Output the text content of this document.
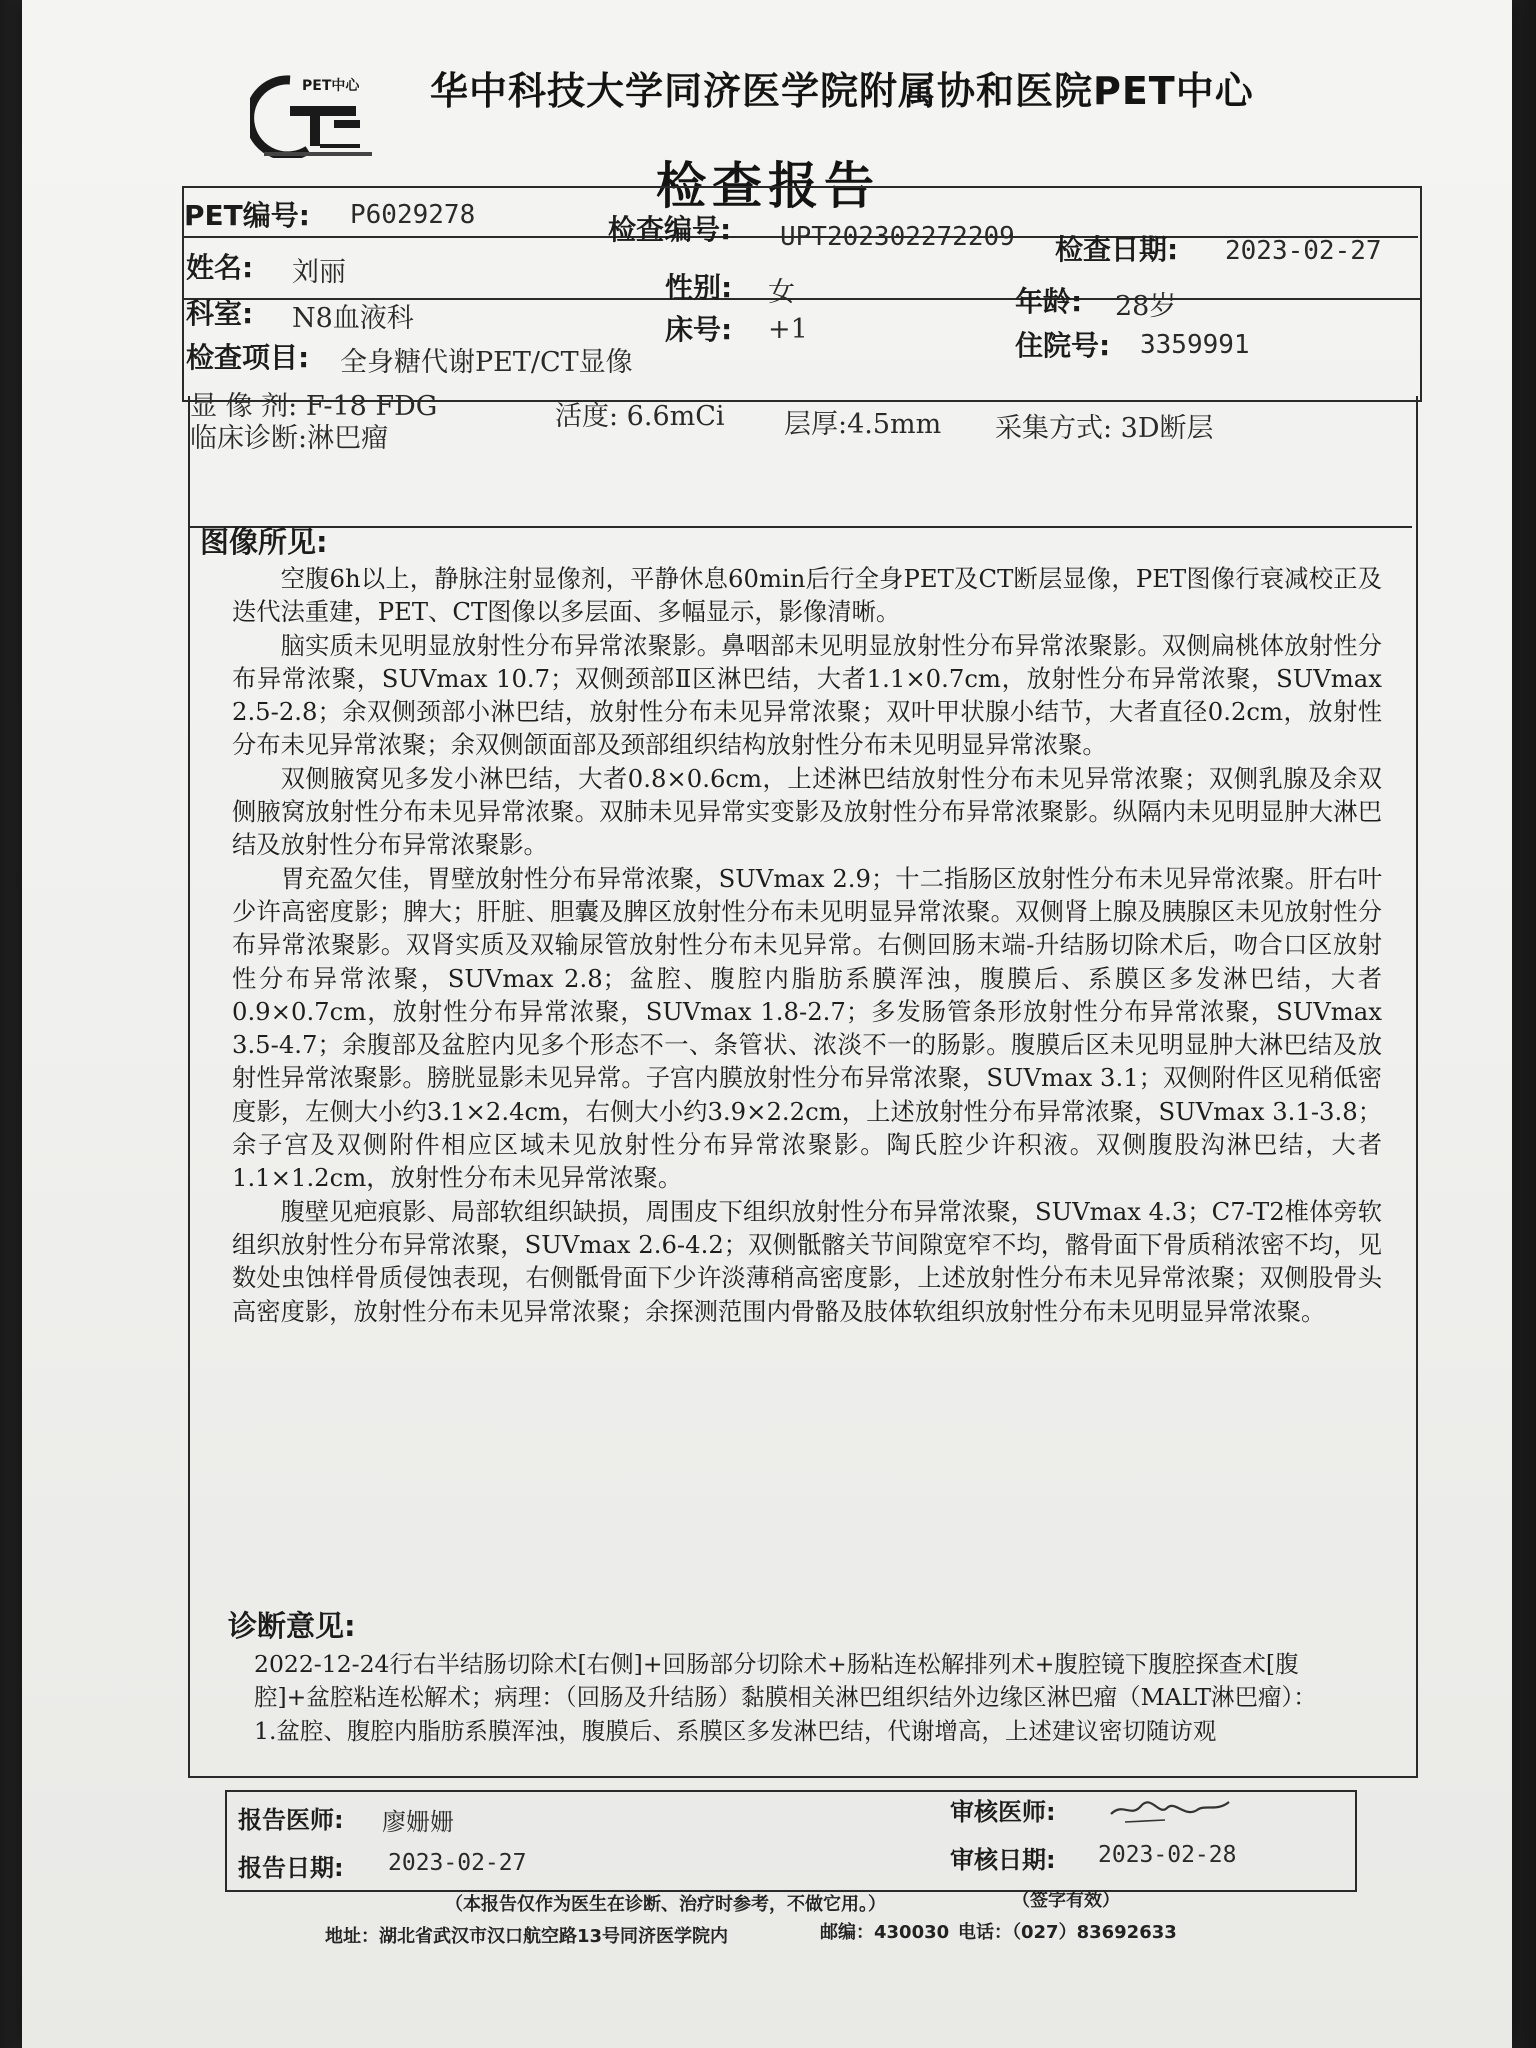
PET中心 华中科技大学同济医学院附属协和医院PET中心
检查报告
PET编号: P6029278	检查编号: UPT202302272209 检查日期: 2023-02-27
姓名: 刘丽
科室: N8血液科
检查项目: 全身糖代谢PET/CT显像
性别: 女
床号: +1
年龄: 28岁
住院号: 3359991
显 像 剂: F-18 FDG	活度: 6.6mCi 层厚:4.5mm 采集方式: 3D断层
临床诊断:淋巴瘤
图像所见:

空腹6h以上，静脉注射显像剂，平静休息60min后行全身PET及CT断层显像，PET图像行衰减校正及迭代法重建，PET、CT图像以多层面、多幅显示，影像清晰。

脑实质未见明显放射性分布异常浓聚影。鼻咽部未见明显放射性分布异常浓聚影。双侧扁桃体放射性分布异常浓聚，SUVmax 10.7；双侧颈部Ⅱ区淋巴结，大者1.1×0.7cm，放射性分布异常浓聚，SUVmax 2.5-2.8；余双侧颈部小淋巴结，放射性分布未见异常浓聚；双叶甲状腺小结节，大者直径0.2cm，放射性分布未见异常浓聚；余双侧颌面部及颈部组织结构放射性分布未见明显异常浓聚。

双侧腋窝见多发小淋巴结，大者0.8×0.6cm，上述淋巴结放射性分布未见异常浓聚；双侧乳腺及余双侧腋窝放射性分布未见异常浓聚。双肺未见异常实变影及放射性分布异常浓聚影。纵隔内未见明显肿大淋巴结及放射性分布异常浓聚影。

胃充盈欠佳，胃壁放射性分布异常浓聚，SUVmax 2.9；十二指肠区放射性分布未见异常浓聚。肝右叶少许高密度影；脾大；肝脏、胆囊及脾区放射性分布未见明显异常浓聚。双侧肾上腺及胰腺区未见放射性分布异常浓聚影。双肾实质及双输尿管放射性分布未见异常。右侧回肠末端-升结肠切除术后，吻合口区放射性分布异常浓聚，SUVmax 2.8；盆腔、腹腔内脂肪系膜浑浊，腹膜后、系膜区多发淋巴结，大者0.9×0.7cm，放射性分布异常浓聚，SUVmax 1.8-2.7；多发肠管条形放射性分布异常浓聚，SUVmax 3.5-4.7；余腹部及盆腔内见多个形态不一、条管状、浓淡不一的肠影。腹膜后区未见明显肿大淋巴结及放射性异常浓聚影。膀胱显影未见异常。子宫内膜放射性分布异常浓聚，SUVmax 3.1；双侧附件区见稍低密度影，左侧大小约3.1×2.4cm，右侧大小约3.9×2.2cm，上述放射性分布异常浓聚，SUVmax 3.1-3.8；余子宫及双侧附件相应区域未见放射性分布异常浓聚影。陶氏腔少许积液。双侧腹股沟淋巴结，大者1.1×1.2cm，放射性分布未见异常浓聚。

腹壁见疤痕影、局部软组织缺损，周围皮下组织放射性分布异常浓聚，SUVmax 4.3；C7-T2椎体旁软组织放射性分布异常浓聚，SUVmax 2.6-4.2；双侧骶髂关节间隙宽窄不均，髂骨面下骨质稍浓密不均，见数处虫蚀样骨质侵蚀表现，右侧骶骨面下少许淡薄稍高密度影，上述放射性分布未见异常浓聚；双侧股骨头高密度影，放射性分布未见异常浓聚；余探测范围内骨骼及肢体软组织放射性分布未见明显异常浓聚。

诊断意见:

2022-12-24行右半结肠切除术[右侧]+回肠部分切除术+肠粘连松解排列术+腹腔镜下腹腔探查术[腹腔]+盆腔粘连松解术；病理：（回肠及升结肠）黏膜相关淋巴组织结外边缘区淋巴瘤（MALT淋巴瘤）：

1.盆腔、腹腔内脂肪系膜浑浊，腹膜后、系膜区多发淋巴结，代谢增高，上述建议密切随访观

报告医师: 廖姗姗	审核医师:
报告日期: 2023-02-27	审核日期: 2023-02-28
（本报告仅作为医生在诊断、治疗时参考，不做它用。）	（签字有效）
地址：湖北省武汉市汉口航空路13号同济医学院内	邮编：430030 电话：（027）83692633
